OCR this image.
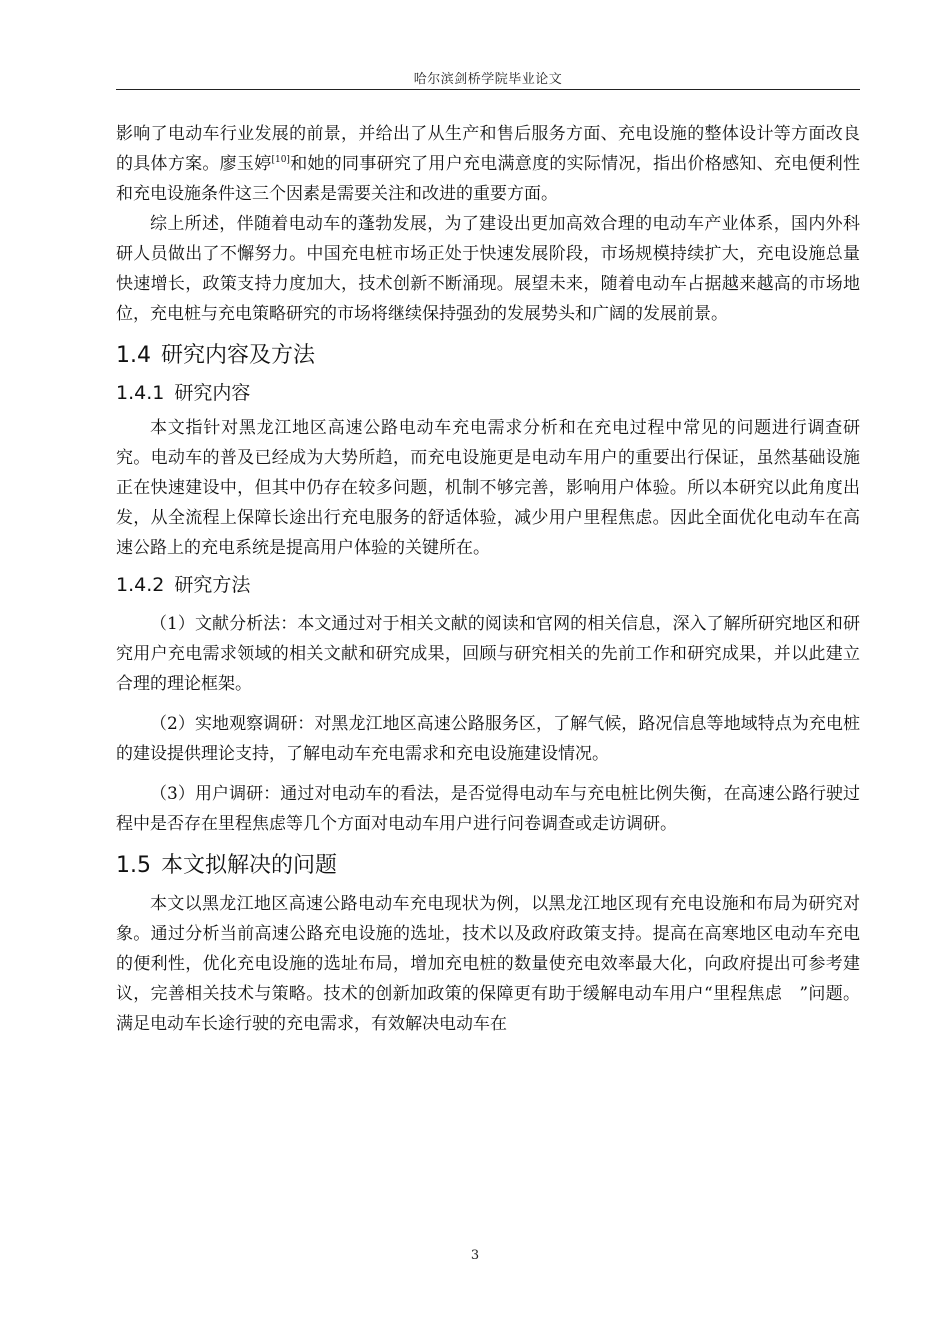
哈尔滨剑桥学院毕业论文

影响了电动车行业发展的前景，并给出了从生产和售后服务方面、充电设施的整体设计等方面改良的具体方案。廖玉婷[10]和她的同事研究了用户充电满意度的实际情况，指出价格感知、充电便利性和充电设施条件这三个因素是需要关注和改进的重要方面。

综上所述，伴随着电动车的蓬勃发展，为了建设出更加高效合理的电动车产业体系，国内外科研人员做出了不懈努力。中国充电桩市场正处于快速发展阶段，市场规模持续扩大，充电设施总量快速增长，政策支持力度加大，技术创新不断涌现。展望未来，随着电动车占据越来越高的市场地位，充电桩与充电策略研究的市场将继续保持强劲的发展势头和广阔的发展前景。

1.4 研究内容及方法
1.4.1 研究内容

本文指针对黑龙江地区高速公路电动车充电需求分析和在充电过程中常见的问题进行调查研究。电动车的普及已经成为大势所趋，而充电设施更是电动车用户的重要出行保证，虽然基础设施正在快速建设中，但其中仍存在较多问题，机制不够完善，影响用户体验。所以本研究以此角度出发，从全流程上保障长途出行充电服务的舒适体验，减少用户里程焦虑。因此全面优化电动车在高速公路上的充电系统是提高用户体验的关键所在。

1.4.2 研究方法

（1）文献分析法：本文通过对于相关文献的阅读和官网的相关信息，深入了解所研究地区和研究用户充电需求领域的相关文献和研究成果，回顾与研究相关的先前工作和研究成果，并以此建立合理的理论框架。

（2）实地观察调研：对黑龙江地区高速公路服务区，了解气候，路况信息等地域特点为充电桩的建设提供理论支持，了解电动车充电需求和充电设施建设情况。

（3）用户调研：通过对电动车的看法，是否觉得电动车与充电桩比例失衡，在高速公路行驶过程中是否存在里程焦虑等几个方面对电动车用户进行问卷调查或走访调研。

1.5 本文拟解决的问题

本文以黑龙江地区高速公路电动车充电现状为例，以黑龙江地区现有充电设施和布局为研究对象。通过分析当前高速公路充电设施的选址，技术以及政府政策支持。提高在高寒地区电动车充电的便利性，优化充电设施的选址布局，增加充电桩的数量使充电效率最大化，向政府提出可参考建议，完善相关技术与策略。技术的创新加政策的保障更有助于缓解电动车用户“里程焦虑　”问题。满足电动车长途行驶的充电需求，有效解决电动车在

3
